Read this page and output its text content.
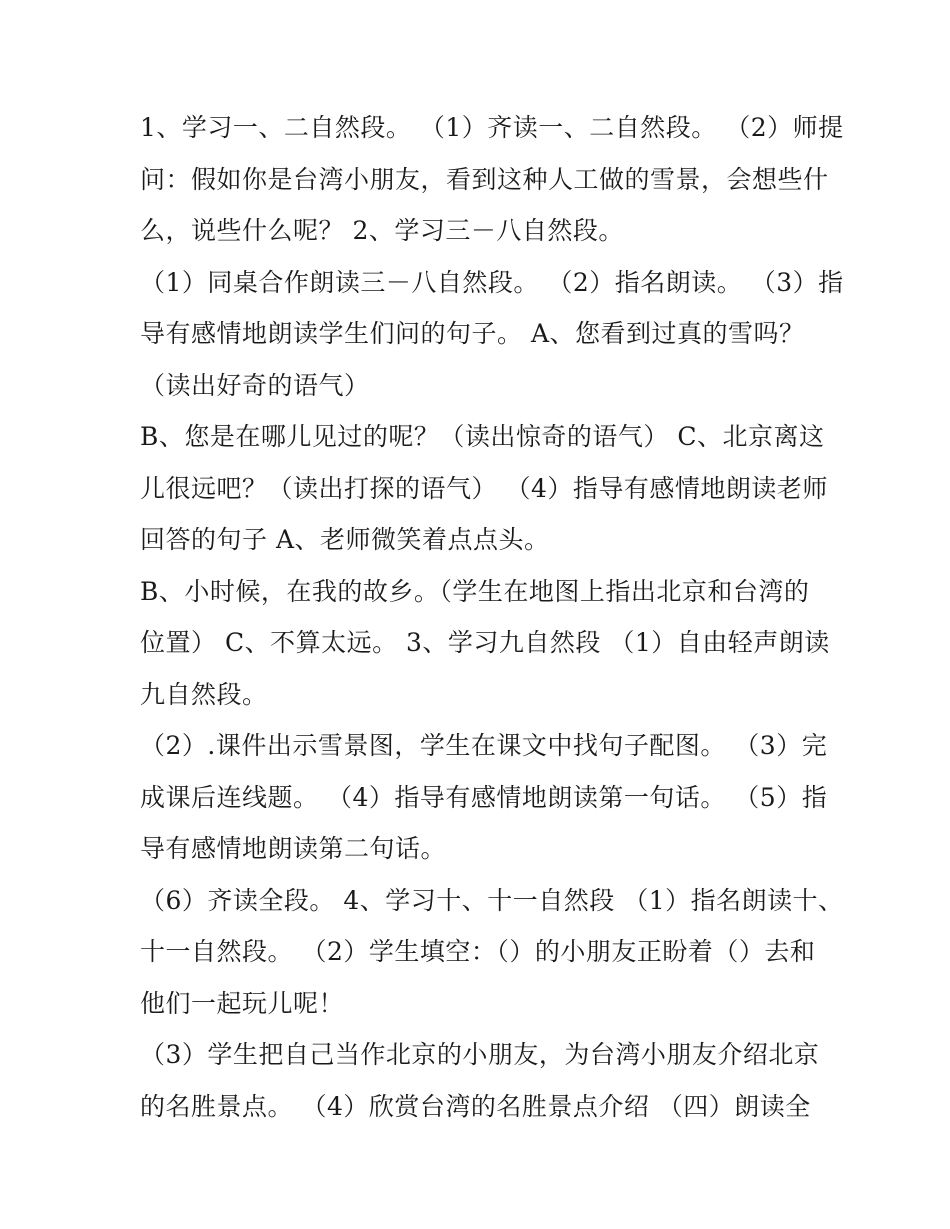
1、学习一、二自然段。 （1）齐读一、二自然段。 （2）师提
问：假如你是台湾小朋友，看到这种人工做的雪景，会想些什
么，说些什么呢？ 2、学习三－八自然段。
（1）同桌合作朗读三－八自然段。 （2）指名朗读。 （3）指
导有感情地朗读学生们问的句子。 A、您看到过真的雪吗？
（读出好奇的语气）
B、您是在哪儿见过的呢？（读出惊奇的语气） C、北京离这
儿很远吧？（读出打探的语气） （4）指导有感情地朗读老师
回答的句子 A、老师微笑着点点头。
B、小时候，在我的故乡。（学生在地图上指出北京和台湾的
位置） C、不算太远。 3、学习九自然段 （1）自由轻声朗读
九自然段。
（2）.课件出示雪景图，学生在课文中找句子配图。 （3）完
成课后连线题。 （4）指导有感情地朗读第一句话。 （5）指
导有感情地朗读第二句话。
（6）齐读全段。 4、学习十、十一自然段 （1）指名朗读十、
十一自然段。 （2）学生填空：（）的小朋友正盼着（）去和
他们一起玩儿呢！
（3）学生把自己当作北京的小朋友，为台湾小朋友介绍北京
的名胜景点。 （4）欣赏台湾的名胜景点介绍 （四）朗读全
